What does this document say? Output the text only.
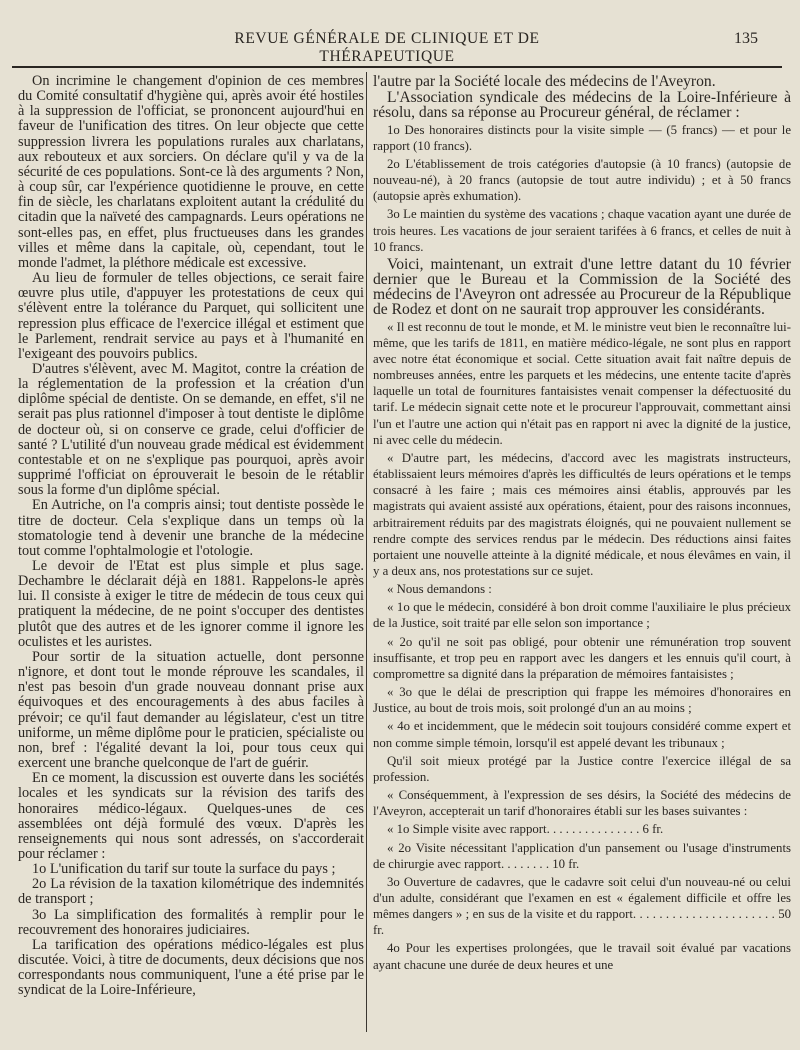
REVUE GÉNÉRALE DE CLINIQUE ET DE THÉRAPEUTIQUE
135

On incrimine le changement d'opinion de ces membres du Comité consultatif d'hygiène qui, après avoir été hostiles à la suppression de l'officiat, se prononcent aujourd'hui en faveur de l'unification des titres. On leur objecte que cette suppression livrera les populations rurales aux charlatans, aux rebouteux et aux sorciers. On déclare qu'il y va de la sécurité de ces populations. Sont-ce là des arguments ? Non, à coup sûr, car l'expérience quotidienne le prouve, en cette fin de siècle, les charlatans exploitent autant la crédulité du citadin que la naïveté des campagnards. Leurs opérations ne sont-elles pas, en effet, plus fructueuses dans les grandes villes et même dans la capitale, où, cependant, tout le monde l'admet, la pléthore médicale est excessive.

Au lieu de formuler de telles objections, ce serait faire œuvre plus utile, d'appuyer les protestations de ceux qui s'élèvent entre la tolérance du Parquet, qui sollicitent une repression plus efficace de l'exercice illégal et estiment que le Parlement, rendrait service au pays et à l'humanité en l'exigeant des pouvoirs publics.

D'autres s'élèvent, avec M. Magitot, contre la création de la réglementation de la profession et la création d'un diplôme spécial de dentiste. On se demande, en effet, s'il ne serait pas plus rationnel d'imposer à tout dentiste le diplôme de docteur où, si on conserve ce grade, celui d'officier de santé ? L'utilité d'un nouveau grade médical est évidemment contestable et on ne s'explique pas pourquoi, après avoir supprimé l'officiat on éprouverait le besoin de le rétablir sous la forme d'un diplôme spécial.

En Autriche, on l'a compris ainsi; tout dentiste possède le titre de docteur. Cela s'explique dans un temps où la stomatologie tend à devenir une branche de la médecine tout comme l'ophtalmologie et l'otologie.

Le devoir de l'Etat est plus simple et plus sage. Dechambre le déclarait déjà en 1881. Rappelons-le après lui. Il consiste à exiger le titre de médecin de tous ceux qui pratiquent la médecine, de ne point s'occuper des dentistes plutôt que des autres et de les ignorer comme il ignore les oculistes et les auristes.

Pour sortir de la situation actuelle, dont personne n'ignore, et dont tout le monde réprouve les scandales, il n'est pas besoin d'un grade nouveau donnant prise aux équivoques et des encouragements à des abus faciles à prévoir; ce qu'il faut demander au législateur, c'est un titre uniforme, un même diplôme pour le praticien, spécialiste ou non, bref : l'égalité devant la loi, pour tous ceux qui exercent une branche quelconque de l'art de guérir.

En ce moment, la discussion est ouverte dans les sociétés locales et les syndicats sur la révision des tarifs des honoraires médico-légaux. Quelques-unes de ces assemblées ont déjà formulé des vœux. D'après les renseignements qui nous sont adressés, on s'accorderait pour réclamer :

1o L'unification du tarif sur toute la surface du pays ;

2o La révision de la taxation kilométrique des indemnités de transport ;

3o La simplification des formalités à remplir pour le recouvrement des honoraires judiciaires.

La tarification des opérations médico-légales est plus discutée. Voici, à titre de documents, deux décisions que nos correspondants nous communiquent, l'une a été prise par le syndicat de la Loire-Inférieure,

l'autre par la Société locale des médecins de l'Aveyron.

L'Association syndicale des médecins de la Loire-Inférieure à résolu, dans sa réponse au Procureur général, de réclamer :

1o Des honoraires distincts pour la visite simple — (5 francs) — et pour le rapport (10 francs).

2o L'établissement de trois catégories d'autopsie (à 10 francs) (autopsie de nouveau-né), à 20 francs (autopsie de tout autre individu) ; et à 50 francs (autopsie après exhumation).

3o Le maintien du système des vacations ; chaque vacation ayant une durée de trois heures. Les vacations de jour seraient tarifées à 6 francs, et celles de nuit à 10 francs.

Voici, maintenant, un extrait d'une lettre datant du 10 février dernier que le Bureau et la Commission de la Société des médecins de l'Aveyron ont adressée au Procureur de la République de Rodez et dont on ne saurait trop approuver les considérants.

« Il est reconnu de tout le monde, et M. le ministre veut bien le reconnaître lui-même, que les tarifs de 1811, en matière médico-légale, ne sont plus en rapport avec notre état économique et social. Cette situation avait fait naître depuis de nombreuses années, entre les parquets et les médecins, une entente tacite d'après laquelle un total de fournitures fantaisistes venait compenser la défectuosité du tarif. Le médecin signait cette note et le procureur l'approuvait, commettant ainsi l'un et l'autre une action qui n'était pas en rapport ni avec la dignité de la justice, ni avec celle du médecin.

« D'autre part, les médecins, d'accord avec les magistrats instructeurs, établissaient leurs mémoires d'après les difficultés de leurs opérations et le temps consacré à les faire ; mais ces mémoires ainsi établis, approuvés par les magistrats qui avaient assisté aux opérations, étaient, pour des raisons inconnues, arbitrairement réduits par des magistrats éloignés, qui ne pouvaient nullement se rendre compte des services rendus par le médecin. Des réductions ainsi faites portaient une nouvelle atteinte à la dignité médicale, et nous élevâmes en vain, il y a deux ans, nos protestations sur ce sujet.

« Nous demandons :

« 1o que le médecin, considéré à bon droit comme l'auxiliaire le plus précieux de la Justice, soit traité par elle selon son importance ;

« 2o qu'il ne soit pas obligé, pour obtenir une rémunération trop souvent insuffisante, et trop peu en rapport avec les dangers et les ennuis qu'il court, à compromettre sa dignité dans la préparation de mémoires fantaisistes ;

« 3o que le délai de prescription qui frappe les mémoires d'honoraires en Justice, au bout de trois mois, soit prolongé d'un an au moins ;

« 4o et incidemment, que le médecin soit toujours considéré comme expert et non comme simple témoin, lorsqu'il est appelé devant les tribunaux ;

Qu'il soit mieux protégé par la Justice contre l'exercice illégal de sa profession.

« Conséquemment, à l'expression de ses désirs, la Société des médecins de l'Aveyron, accepterait un tarif d'honoraires établi sur les bases suivantes :

« 1o Simple visite avec rapport. . . . . . . . . . . . . . . 6 fr.

« 2o Visite nécessitant l'application d'un pansement ou l'usage d'instruments de chirurgie avec rapport. . . . . . . . 10 fr.

3o Ouverture de cadavres, que le cadavre soit celui d'un nouveau-né ou celui d'un adulte, considérant que l'examen en est « également difficile et offre les mêmes dangers » ; en sus de la visite et du rapport. . . . . . . . . . . . . . . . . . . . . . 50 fr.

4o Pour les expertises prolongées, que le travail soit évalué par vacations ayant chacune une durée de deux heures et une
